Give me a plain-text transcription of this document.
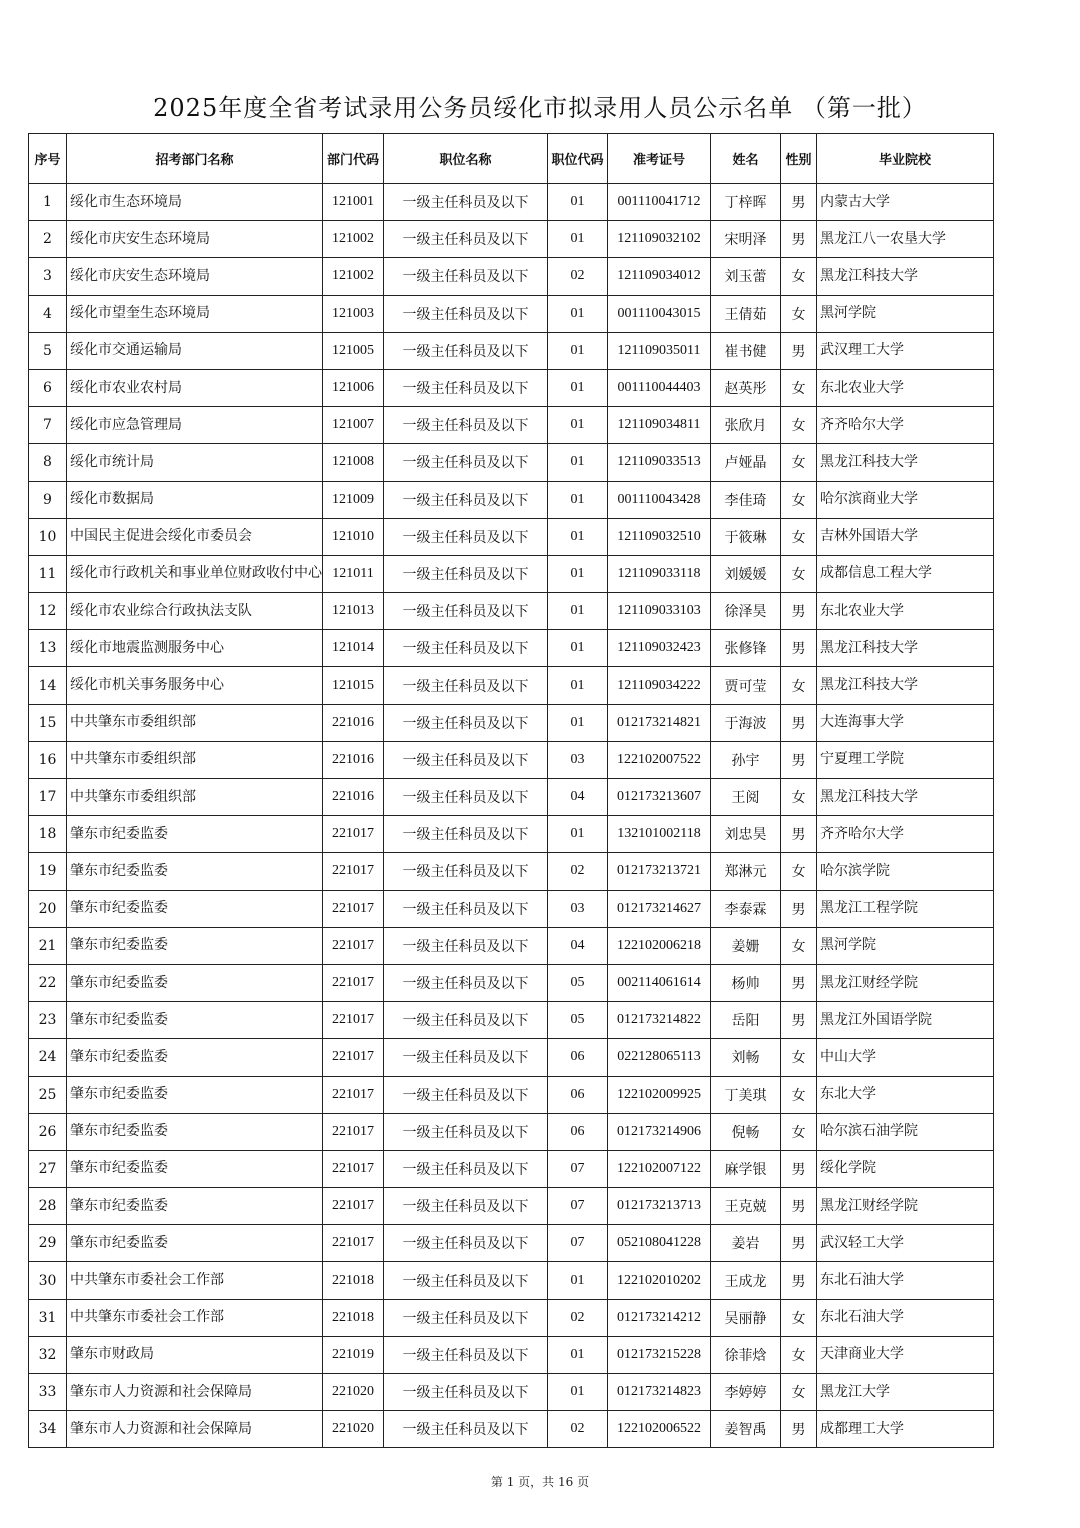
2025年度全省考试录用公务员绥化市拟录用人员公示名单 （第一批）
序号	招考部门名称	部门代码	职位名称	职位代码	准考证号	姓名	性别	毕业院校
1	绥化市生态环境局	121001	一级主任科员及以下	01	001110041712	丁梓晖	男	内蒙古大学
2	绥化市庆安生态环境局	121002	一级主任科员及以下	01	121109032102	宋明泽	男	黑龙江八一农垦大学
3	绥化市庆安生态环境局	121002	一级主任科员及以下	02	121109034012	刘玉蕾	女	黑龙江科技大学
4	绥化市望奎生态环境局	121003	一级主任科员及以下	01	001110043015	王倩茹	女	黑河学院
5	绥化市交通运输局	121005	一级主任科员及以下	01	121109035011	崔书健	男	武汉理工大学
6	绥化市农业农村局	121006	一级主任科员及以下	01	001110044403	赵英彤	女	东北农业大学
7	绥化市应急管理局	121007	一级主任科员及以下	01	121109034811	张欣月	女	齐齐哈尔大学
8	绥化市统计局	121008	一级主任科员及以下	01	121109033513	卢娅晶	女	黑龙江科技大学
9	绥化市数据局	121009	一级主任科员及以下	01	001110043428	李佳琦	女	哈尔滨商业大学
10	中国民主促进会绥化市委员会	121010	一级主任科员及以下	01	121109032510	于筱琳	女	吉林外国语大学
11	绥化市行政机关和事业单位财政收付中心	121011	一级主任科员及以下	01	121109033118	刘媛媛	女	成都信息工程大学
12	绥化市农业综合行政执法支队	121013	一级主任科员及以下	01	121109033103	徐泽昊	男	东北农业大学
13	绥化市地震监测服务中心	121014	一级主任科员及以下	01	121109032423	张修锋	男	黑龙江科技大学
14	绥化市机关事务服务中心	121015	一级主任科员及以下	01	121109034222	贾可莹	女	黑龙江科技大学
15	中共肇东市委组织部	221016	一级主任科员及以下	01	012173214821	于海波	男	大连海事大学
16	中共肇东市委组织部	221016	一级主任科员及以下	03	122102007522	孙宇	男	宁夏理工学院
17	中共肇东市委组织部	221016	一级主任科员及以下	04	012173213607	王阅	女	黑龙江科技大学
18	肇东市纪委监委	221017	一级主任科员及以下	01	132101002118	刘忠昊	男	齐齐哈尔大学
19	肇东市纪委监委	221017	一级主任科员及以下	02	012173213721	郑淋元	女	哈尔滨学院
20	肇东市纪委监委	221017	一级主任科员及以下	03	012173214627	李泰霖	男	黑龙江工程学院
21	肇东市纪委监委	221017	一级主任科员及以下	04	122102006218	姜姗	女	黑河学院
22	肇东市纪委监委	221017	一级主任科员及以下	05	002114061614	杨帅	男	黑龙江财经学院
23	肇东市纪委监委	221017	一级主任科员及以下	05	012173214822	岳阳	男	黑龙江外国语学院
24	肇东市纪委监委	221017	一级主任科员及以下	06	022128065113	刘畅	女	中山大学
25	肇东市纪委监委	221017	一级主任科员及以下	06	122102009925	丁美琪	女	东北大学
26	肇东市纪委监委	221017	一级主任科员及以下	06	012173214906	倪畅	女	哈尔滨石油学院
27	肇东市纪委监委	221017	一级主任科员及以下	07	122102007122	麻学银	男	绥化学院
28	肇东市纪委监委	221017	一级主任科员及以下	07	012173213713	王克兢	男	黑龙江财经学院
29	肇东市纪委监委	221017	一级主任科员及以下	07	052108041228	姜岩	男	武汉轻工大学
30	中共肇东市委社会工作部	221018	一级主任科员及以下	01	122102010202	王成龙	男	东北石油大学
31	中共肇东市委社会工作部	221018	一级主任科员及以下	02	012173214212	吴丽静	女	东北石油大学
32	肇东市财政局	221019	一级主任科员及以下	01	012173215228	徐菲焓	女	天津商业大学
33	肇东市人力资源和社会保障局	221020	一级主任科员及以下	01	012173214823	李婷婷	女	黑龙江大学
34	肇东市人力资源和社会保障局	221020	一级主任科员及以下	02	122102006522	姜智禹	男	成都理工大学
第 1 页，共 16 页
